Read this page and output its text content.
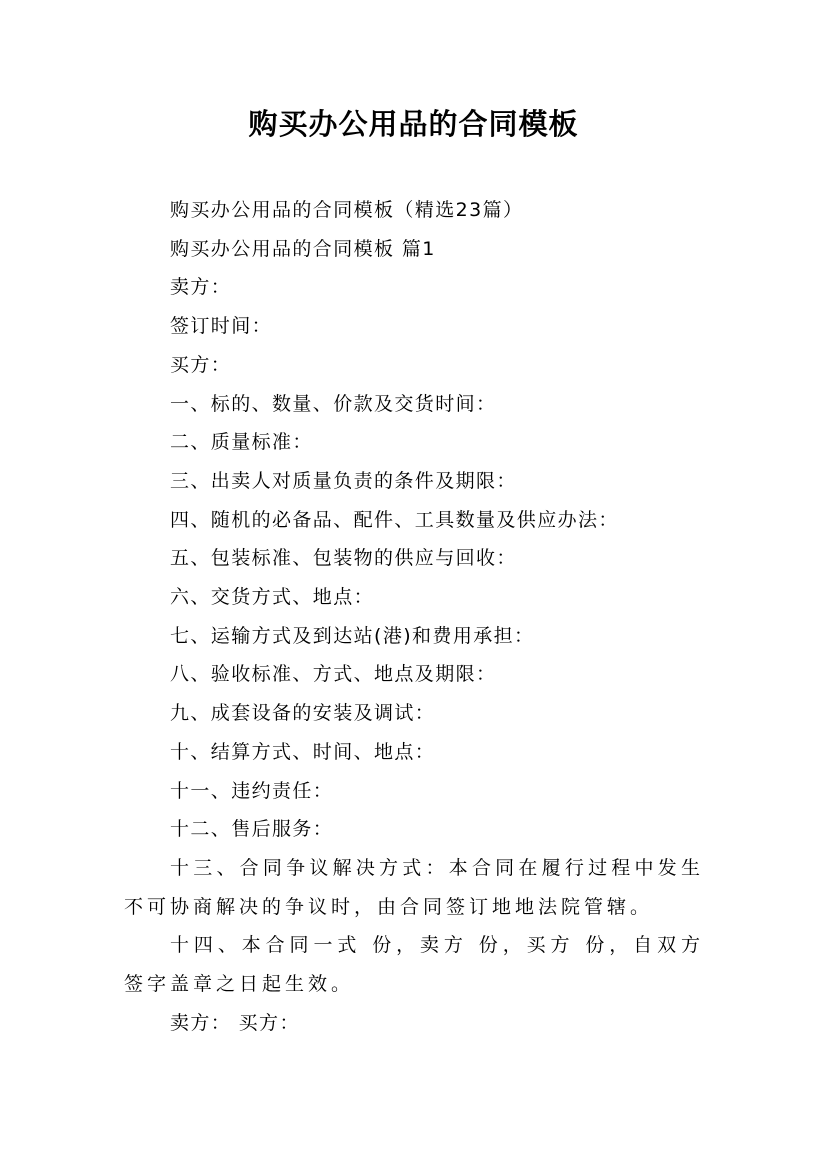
购买办公用品的合同模板

购买办公用品的合同模板（精选23篇）

购买办公用品的合同模板 篇1

卖方：

签订时间：

买方：

一、标的、数量、价款及交货时间：

二、质量标准：

三、出卖人对质量负责的条件及期限：

四、随机的必备品、配件、工具数量及供应办法：

五、包装标准、包装物的供应与回收：

六、交货方式、地点：

七、运输方式及到达站(港)和费用承担：

八、验收标准、方式、地点及期限：

九、成套设备的安装及调试：

十、结算方式、时间、地点：

十一、违约责任：

十二、售后服务：

十三、合同争议解决方式：本合同在履行过程中发生不可协商解决的争议时，由合同签订地地法院管辖。

十四、本合同一式 份，卖方 份，买方 份，自双方签字盖章之日起生效。

卖方： 买方：
